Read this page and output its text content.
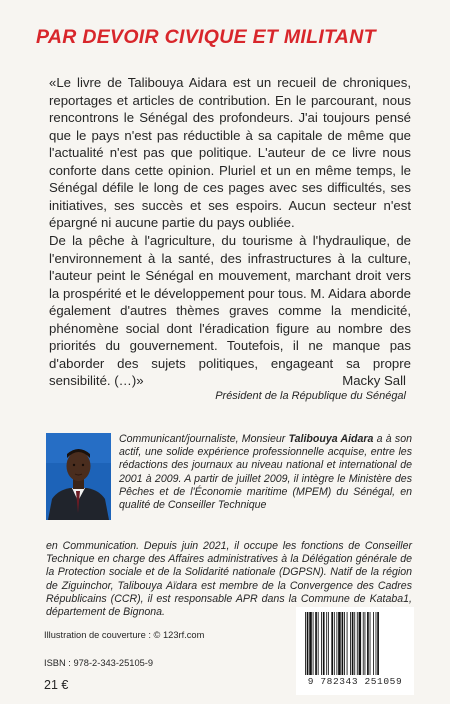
PAR DEVOIR CIVIQUE ET MILITANT
«Le livre de Talibouya Aidara est un recueil de chroniques, reportages et articles de contribution. En le parcourant, nous rencontrons le Sénégal des profondeurs. J'ai toujours pensé que le pays n'est pas réductible à sa capitale de même que l'actualité n'est pas que politique. L'auteur de ce livre nous conforte dans cette opinion. Pluriel et un en même temps, le Sénégal défile le long de ces pages avec ses difficultés, ses initiatives, ses succès et ses espoirs. Aucun secteur n'est épargné ni aucune partie du pays oubliée.
De la pêche à l'agriculture, du tourisme à l'hydraulique, de l'environnement à la santé, des infrastructures à la culture, l'auteur peint le Sénégal en mouvement, marchant droit vers la prospérité et le développement pour tous. M. Aidara aborde également d'autres thèmes graves comme la mendicité, phénomène social dont l'éradication figure au nombre des priorités du gouvernement. Toutefois, il ne manque pas d'aborder des sujets politiques, engageant sa propre sensibilité. (…)»	Macky Sall
Président de la République du Sénégal
Communicant/journaliste, Monsieur Talibouya Aidara a à son actif, une solide expérience professionnelle acquise, entre les rédactions des journaux au niveau national et international de 2001 à 2009. A partir de juillet 2009, il intègre le Ministère des Pêches et de l'Économie maritime (MPEM) du Sénégal, en qualité de Conseiller Technique
en Communication. Depuis juin 2021, il occupe les fonctions de Conseiller Technique en charge des Affaires administratives à la Délégation générale de la Protection sociale et de la Solidarité nationale (DGPSN). Natif de la région de Ziguinchor, Talibouya Aïdara est membre de la Convergence des Cadres Républicains (CCR), il est responsable APR dans la Commune de Kataba1, département de Bignona.
Illustration de couverture : © 123rf.com
ISBN : 978-2-343-25105-9
21 €	9 782343 251059
